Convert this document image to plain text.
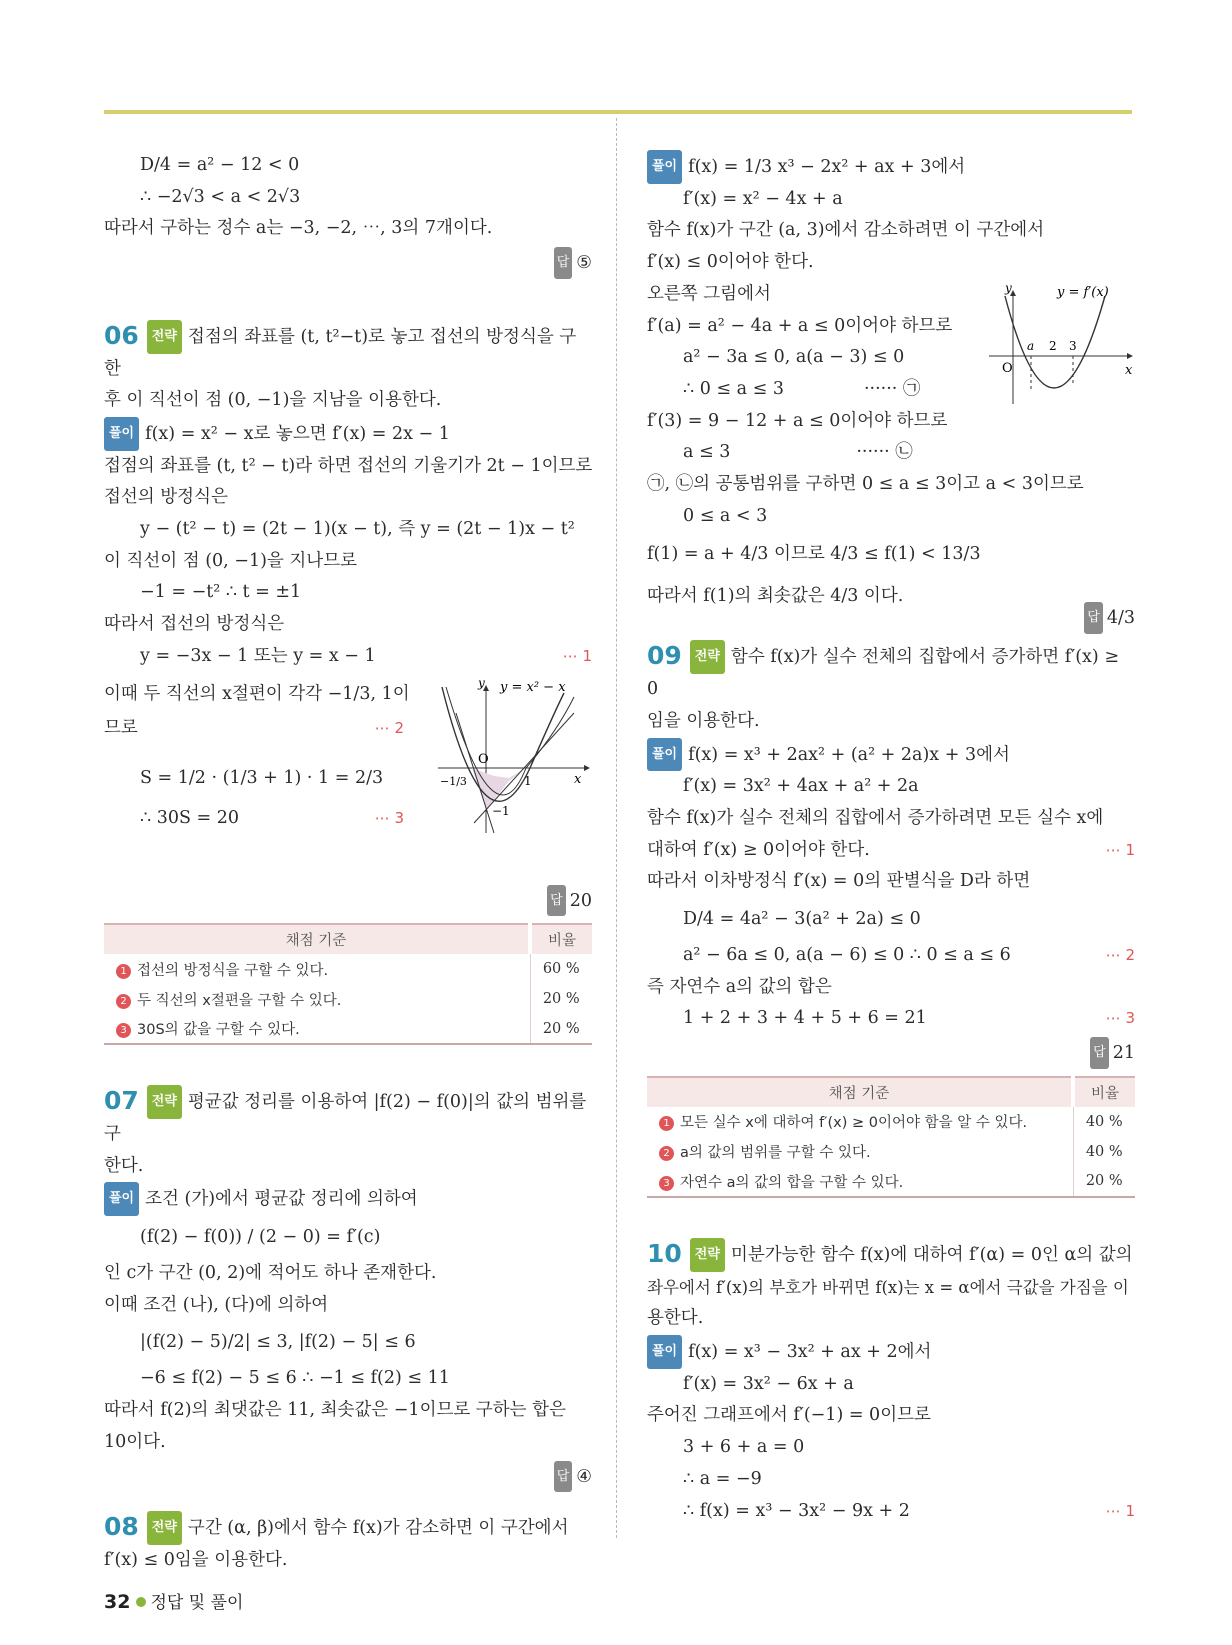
D/4 = a² − 12 < 0
∴ −2√3 < a < 2√3
따라서 구하는 정수 a는 −3, −2, ⋯, 3의 7개이다.
답 ⑤
06 전략 접점의 좌표를 (t, t²−t)로 놓고 접선의 방정식을 구한
후 이 직선이 점 (0, −1)을 지남을 이용한다.
풀이 f(x) = x² − x로 놓으면 f′(x) = 2x − 1
접점의 좌표를 (t, t² − t)라 하면 접선의 기울기가 2t − 1이므로
접선의 방정식은
y − (t² − t) = (2t − 1)(x − t), 즉 y = (2t − 1)x − t²
이 직선이 점 (0, −1)을 지나므로
−1 = −t² ∴ t = ±1
따라서 접선의 방정식은
y = −3x − 1 또는 y = x − 1	⋯ 1
이때 두 직선의 x절편이 각각 −1/3, 1이
므로	⋯ 2
S = 1/2 · (1/3 + 1) · 1 = 2/3
∴ 30S = 20	⋯ 3
y y = x² − x
x
O
1
−1/3
−1
답 20
채점 기준	비율
1 접선의 방정식을 구할 수 있다.	60 %
2 두 직선의 x절편을 구할 수 있다.	20 %
3 30S의 값을 구할 수 있다.	20 %
07 전략 평균값 정리를 이용하여 |f(2) − f(0)|의 값의 범위를 구
한다.
풀이 조건 (가)에서 평균값 정리에 의하여
(f(2) − f(0)) / (2 − 0) = f′(c)
인 c가 구간 (0, 2)에 적어도 하나 존재한다.
이때 조건 (나), (다)에 의하여
|(f(2) − 5)/2| ≤ 3, |f(2) − 5| ≤ 6
−6 ≤ f(2) − 5 ≤ 6 ∴ −1 ≤ f(2) ≤ 11
따라서 f(2)의 최댓값은 11, 최솟값은 −1이므로 구하는 합은
10이다.
답 ④
08 전략 구간 (α, β)에서 함수 f(x)가 감소하면 이 구간에서
f′(x) ≤ 0임을 이용한다.
풀이 f(x) = 1/3 x³ − 2x² + ax + 3에서
f′(x) = x² − 4x + a
함수 f(x)가 구간 (a, 3)에서 감소하려면 이 구간에서
f′(x) ≤ 0이어야 한다.
오른쪽 그림에서
f′(a) = a² − 4a + a ≤ 0이어야 하므로
a² − 3a ≤ 0, a(a − 3) ≤ 0
∴ 0 ≤ a ≤ 3	······ ㉠
f′(3) = 9 − 12 + a ≤ 0이어야 하므로
a ≤ 3	······ ㉡
㉠, ㉡의 공통범위를 구하면 0 ≤ a ≤ 3이고 a < 3이므로
0 ≤ a < 3
f(1) = a + 4/3 이므로 4/3 ≤ f(1) < 13/3
따라서 f(1)의 최솟값은 4/3 이다.
답 4/3
y	y = f′(x)
x
O
a 2 3
09 전략 함수 f(x)가 실수 전체의 집합에서 증가하면 f′(x) ≥ 0
임을 이용한다.
풀이 f(x) = x³ + 2ax² + (a² + 2a)x + 3에서
f′(x) = 3x² + 4ax + a² + 2a
함수 f(x)가 실수 전체의 집합에서 증가하려면 모든 실수 x에
대하여 f′(x) ≥ 0이어야 한다.	⋯ 1
따라서 이차방정식 f′(x) = 0의 판별식을 D라 하면
D/4 = 4a² − 3(a² + 2a) ≤ 0
a² − 6a ≤ 0, a(a − 6) ≤ 0 ∴ 0 ≤ a ≤ 6	⋯ 2
즉 자연수 a의 값의 합은
1 + 2 + 3 + 4 + 5 + 6 = 21	⋯ 3
답 21
채점 기준	비율
1 모든 실수 x에 대하여 f′(x) ≥ 0이어야 함을 알 수 있다.	40 %
2 a의 값의 범위를 구할 수 있다.	40 %
3 자연수 a의 값의 합을 구할 수 있다.	20 %
10 전략 미분가능한 함수 f(x)에 대하여 f′(α) = 0인 α의 값의
좌우에서 f′(x)의 부호가 바뀌면 f(x)는 x = α에서 극값을 가짐을 이
용한다.
풀이 f(x) = x³ − 3x² + ax + 2에서
f′(x) = 3x² − 6x + a
주어진 그래프에서 f′(−1) = 0이므로
3 + 6 + a = 0
∴ a = −9
∴ f(x) = x³ − 3x² − 9x + 2	⋯ 1
32 정답 및 풀이
